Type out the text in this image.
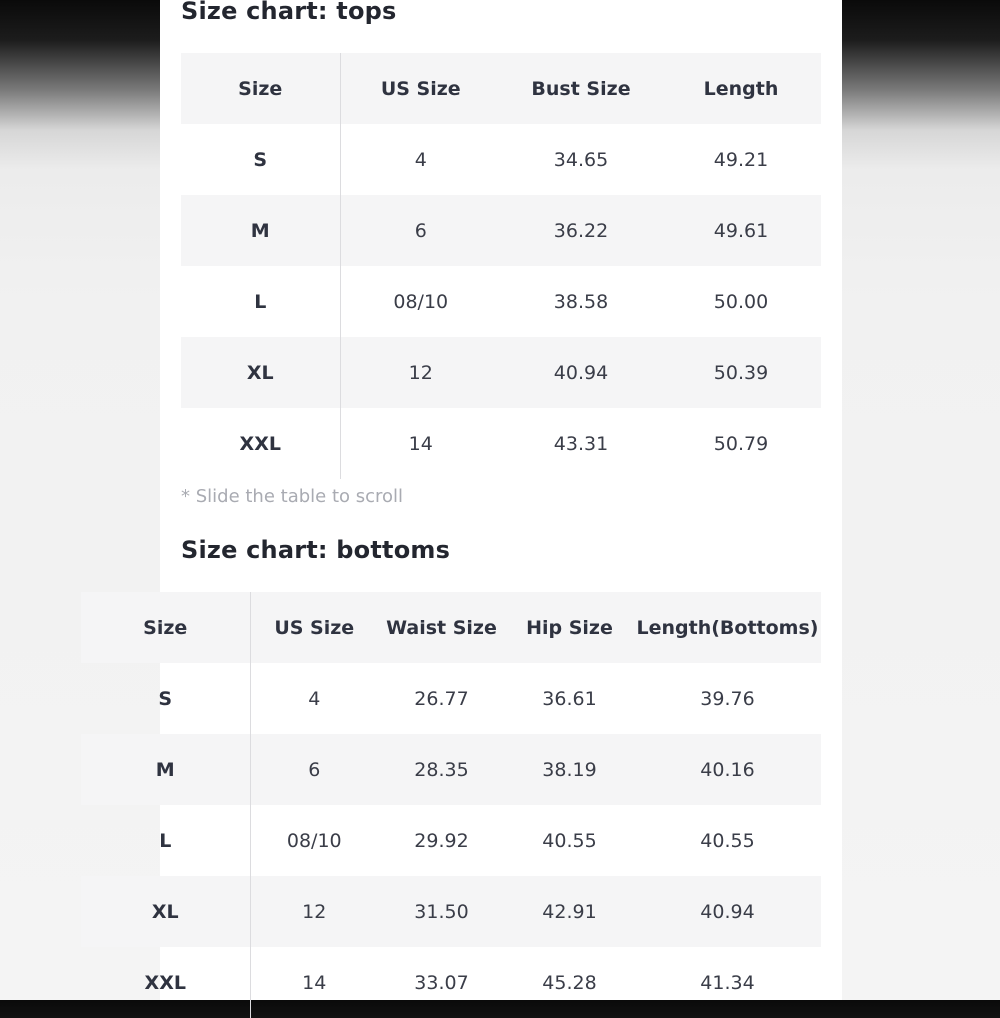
Size chart: tops
Size	US Size	Bust Size	Length
S	4	34.65	49.21
M	6	36.22	49.61
L	08/10	38.58	50.00
XL	12	40.94	50.39
XXL	14	43.31	50.79

* Slide the table to scroll

Size chart: bottoms
Size	US Size	Waist Size	Hip Size	Length(Bottoms)
S	4	26.77	36.61	39.76
M	6	28.35	38.19	40.16
L	08/10	29.92	40.55	40.55
XL	12	31.50	42.91	40.94
XXL	14	33.07	45.28	41.34
